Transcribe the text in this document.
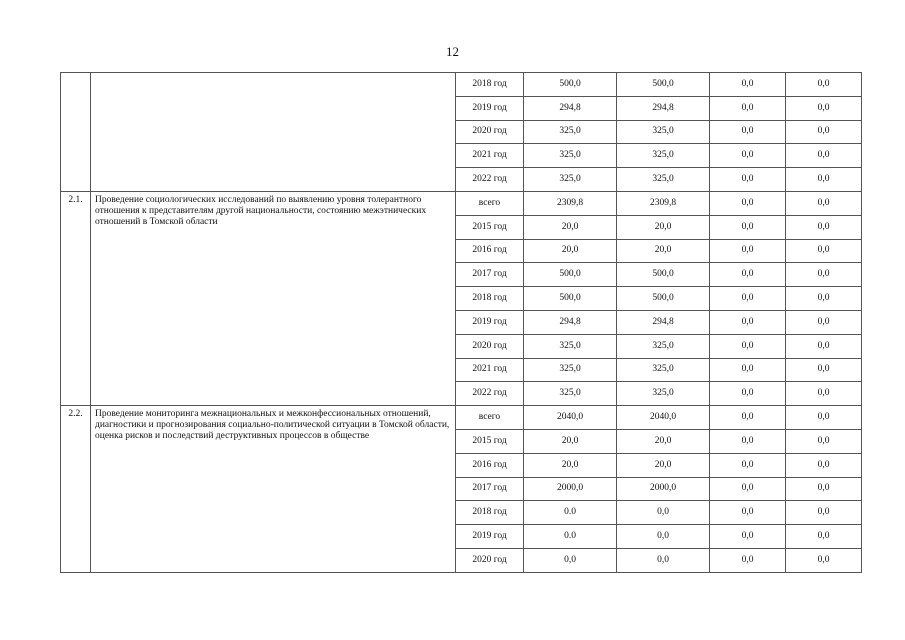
12
		2018 год	500,0	500,0	0,0	0,0
		2019 год	294,8	294,8	0,0	0,0
		2020 год	325,0	325,0	0,0	0,0
		2021 год	325,0	325,0	0,0	0,0
		2022 год	325,0	325,0	0,0	0,0
2.1.	Проведение социологических исследований по выявлению уровня толерантного отношения к представителям другой национальности, состоянию межэтнических отношений в Томской области	всего	2309,8	2309,8	0,0	0,0
		2015 год	20,0	20,0	0,0	0,0
		2016 год	20,0	20,0	0,0	0,0
		2017 год	500,0	500,0	0,0	0,0
		2018 год	500,0	500,0	0,0	0,0
		2019 год	294,8	294,8	0,0	0,0
		2020 год	325,0	325,0	0,0	0,0
		2021 год	325,0	325,0	0,0	0,0
		2022 год	325,0	325,0	0,0	0,0
2.2.	Проведение мониторинга межнациональных и межконфессиональных отношений, диагностики и прогнозирования социально-политической ситуации в Томской области, оценка рисков и последствий деструктивных процессов в обществе	всего	2040,0	2040,0	0,0	0,0
		2015 год	20,0	20,0	0,0	0,0
		2016 год	20,0	20,0	0,0	0,0
		2017 год	2000,0	2000,0	0,0	0,0
		2018 год	0.0	0,0	0,0	0,0
		2019 год	0.0	0,0	0,0	0,0
		2020 год	0,0	0,0	0,0	0,0
